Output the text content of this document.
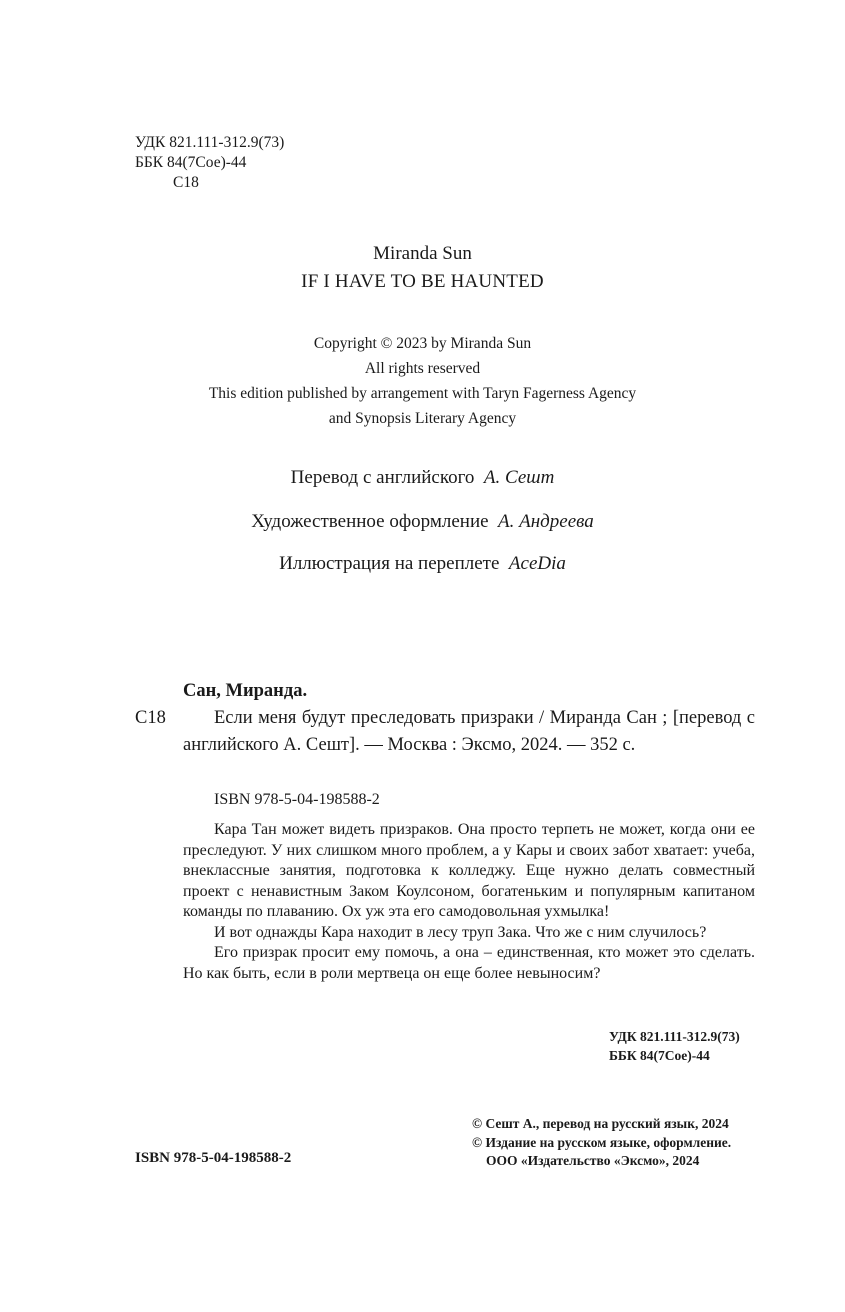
УДК 821.111-312.9(73)
ББК 84(7Сое)-44
С18
Miranda Sun
IF I HAVE TO BE HAUNTED
Copyright © 2023 by Miranda Sun
All rights reserved
This edition published by arrangement with Taryn Fagerness Agency
and Synopsis Literary Agency
Перевод с английского А. Сешт
Художественное оформление А. Андреева
Иллюстрация на переплете AceDia
Сан, Миранда.
С18	Если меня будут преследовать призраки / Миранда Сан ; [перевод с английского А. Сешт]. — Москва : Эксмо, 2024. — 352 с.
ISBN 978-5-04-198588-2

Кара Тан может видеть призраков. Она просто терпеть не может, когда они ее преследуют. У них слишком много проблем, а у Кары и своих забот хватает: учеба, внеклассные занятия, подготовка к колледжу. Еще нужно делать совместный проект с ненавистным Заком Коулсоном, богатеньким и популярным капитаном команды по плаванию. Ох уж эта его самодовольная ухмылка!

И вот однажды Кара находит в лесу труп Зака. Что же с ним случилось?

Его призрак просит ему помочь, а она – единственная, кто может это сделать. Но как быть, если в роли мертвеца он еще более невыносим?

УДК 821.111-312.9(73)
ББК 84(7Сое)-44
© Сешт А., перевод на русский язык, 2024
© Издание на русском языке, оформление.
ООО «Издательство «Эксмо», 2024
ISBN 978-5-04-198588-2
